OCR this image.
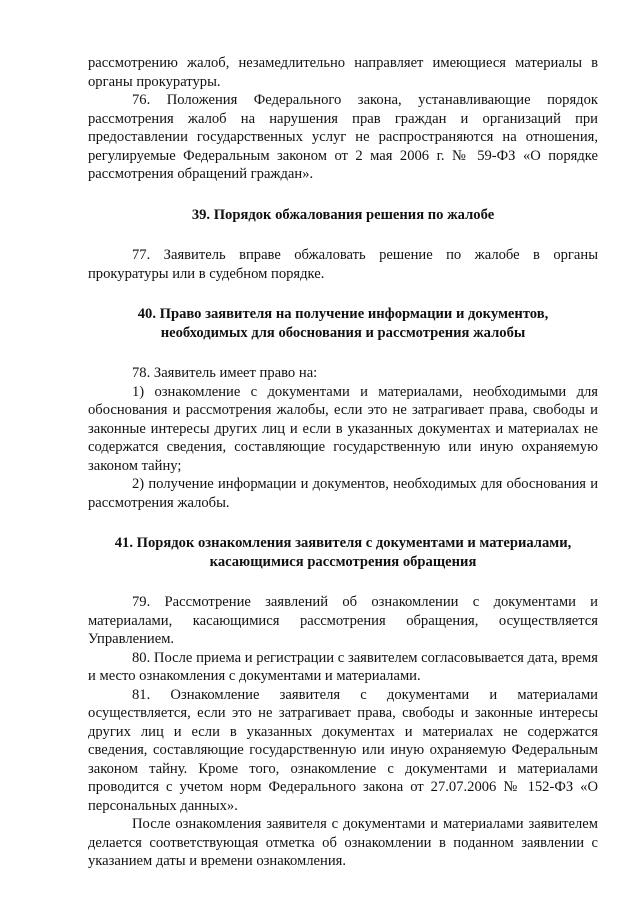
рассмотрению жалоб, незамедлительно направляет имеющиеся материалы в органы прокуратуры.

76. Положения Федерального закона, устанавливающие порядок рассмотрения жалоб на нарушения прав граждан и организаций при предоставлении государственных услуг не распространяются на отношения, регулируемые Федеральным законом от 2 мая 2006 г. № 59-ФЗ «О порядке рассмотрения обращений граждан».

39. Порядок обжалования решения по жалобе

77. Заявитель вправе обжаловать решение по жалобе в органы прокуратуры или в судебном порядке.

40. Право заявителя на получение информации и документов,
необходимых для обоснования и рассмотрения жалобы

78. Заявитель имеет право на:

1) ознакомление с документами и материалами, необходимыми для обоснования и рассмотрения жалобы, если это не затрагивает права, свободы и законные интересы других лиц и если в указанных документах и материалах не содержатся сведения, составляющие государственную или иную охраняемую законом тайну;

2) получение информации и документов, необходимых для обоснования и рассмотрения жалобы.

41. Порядок ознакомления заявителя с документами и материалами,
касающимися рассмотрения обращения

79. Рассмотрение заявлений об ознакомлении с документами и материалами, касающимися рассмотрения обращения, осуществляется Управлением.

80. После приема и регистрации с заявителем согласовывается дата, время и место ознакомления с документами и материалами.

81. Ознакомление заявителя с документами и материалами осуществляется, если это не затрагивает права, свободы и законные интересы других лиц и если в указанных документах и материалах не содержатся сведения, составляющие государственную или иную охраняемую Федеральным законом тайну. Кроме того, ознакомление с документами и материалами проводится с учетом норм Федерального закона от 27.07.2006 № 152-ФЗ «О персональных данных».

После ознакомления заявителя с документами и материалами заявителем делается соответствующая отметка об ознакомлении в поданном заявлении с указанием даты и времени ознакомления.
